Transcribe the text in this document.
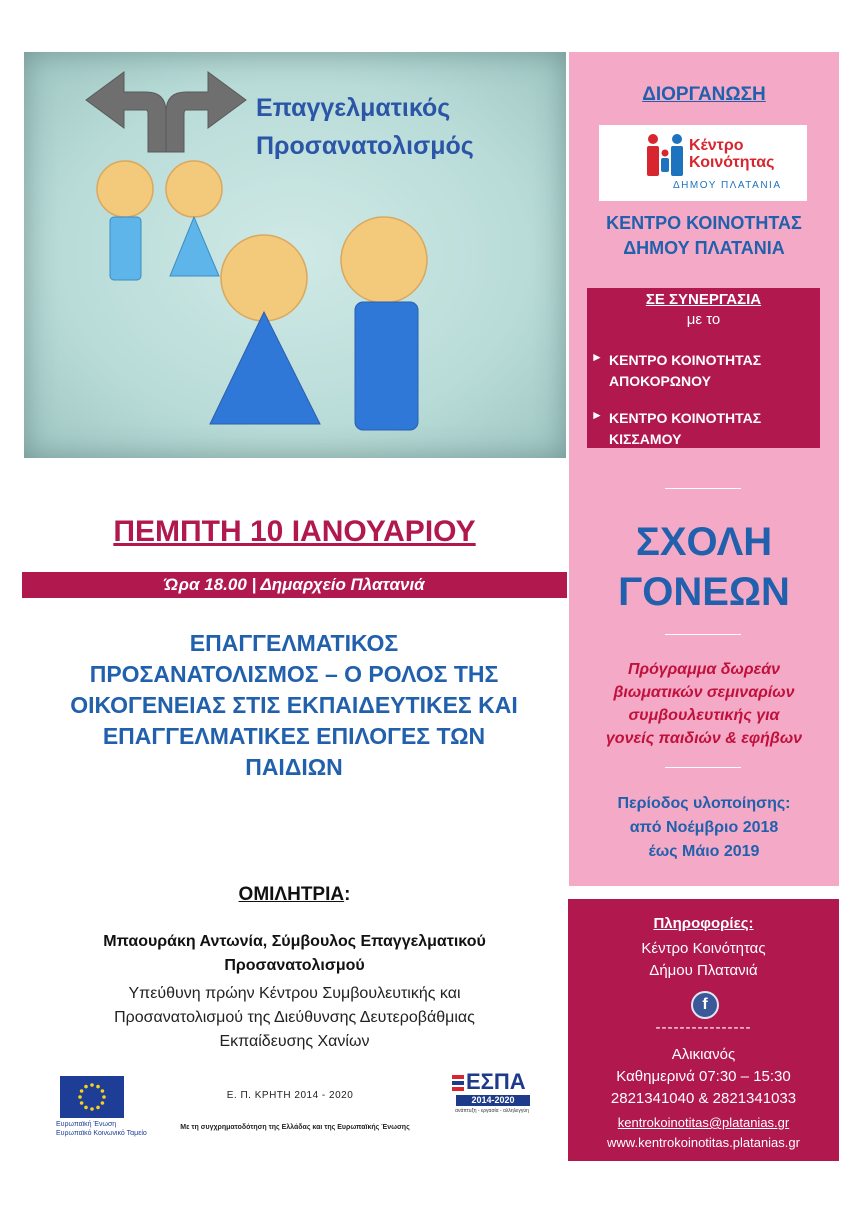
Επαγγελματικός
Προσανατολισμός
ΔΙΟΡΓΑΝΩΣΗ
Κέντρο
Κοινότητας
ΔΗΜΟΥ ΠΛΑΤΑΝΙΑ
ΚΕΝΤΡΟ ΚΟΙΝΟΤΗΤΑΣ
ΔΗΜΟΥ ΠΛΑΤΑΝΙΑ
ΣΕ ΣΥΝΕΡΓΑΣΙΑ
με το
► ΚΕΝΤΡΟ ΚΟΙΝΟΤΗΤΑΣ
ΑΠΟΚΟΡΩΝΟΥ
► ΚΕΝΤΡΟ ΚΟΙΝΟΤΗΤΑΣ
ΚΙΣΣΑΜΟΥ
ΣΧΟΛΗ
ΓΟΝΕΩΝ
Πρόγραμμα δωρεάν
βιωματικών σεμιναρίων
συμβουλευτικής για
γονείς παιδιών & εφήβων
Περίοδος υλοποίησης:
από Νοέμβριο 2018
έως Μάιο 2019
ΠΕΜΠΤΗ 10 ΙΑΝΟΥΑΡΙΟΥ
Ώρα 18.00 | Δημαρχείο Πλατανιά
ΕΠΑΓΓΕΛΜΑΤΙΚΟΣ
ΠΡΟΣΑΝΑΤΟΛΙΣΜΟΣ – Ο ΡΟΛΟΣ ΤΗΣ
ΟΙΚΟΓΕΝΕΙΑΣ ΣΤΙΣ ΕΚΠΑΙΔΕΥΤΙΚΕΣ ΚΑΙ
ΕΠΑΓΓΕΛΜΑΤΙΚΕΣ ΕΠΙΛΟΓΕΣ ΤΩΝ
ΠΑΙΔΙΩΝ
ΟΜΙΛΗΤΡΙΑ:
Μπαουράκη Αντωνία, Σύμβουλος Επαγγελματικού
Προσανατολισμού
Υπεύθυνη πρώην Κέντρου Συμβουλευτικής και
Προσανατολισμού της Διεύθυνσης Δευτεροβάθμιας
Εκπαίδευσης Χανίων
Πληροφορίες:
Κέντρο Κοινότητας
Δήμου Πλατανιά
f
----------------
Αλικιανός
Καθημερινά 07:30 – 15:30
2821341040 & 2821341033
kentrokoinotitas@platanias.gr
www.kentrokoinotitas.platanias.gr
Ευρωπαϊκή Ένωση
Ευρωπαϊκό Κοινωνικό Ταμείο
Ε. Π. ΚΡΗΤΗ 2014 - 2020
Με τη συγχρηματοδότηση της Ελλάδας και της Ευρωπαϊκής Ένωσης
ΕΣΠΑ
2014-2020
ανάπτυξη - εργασία - αλληλεγγύη
